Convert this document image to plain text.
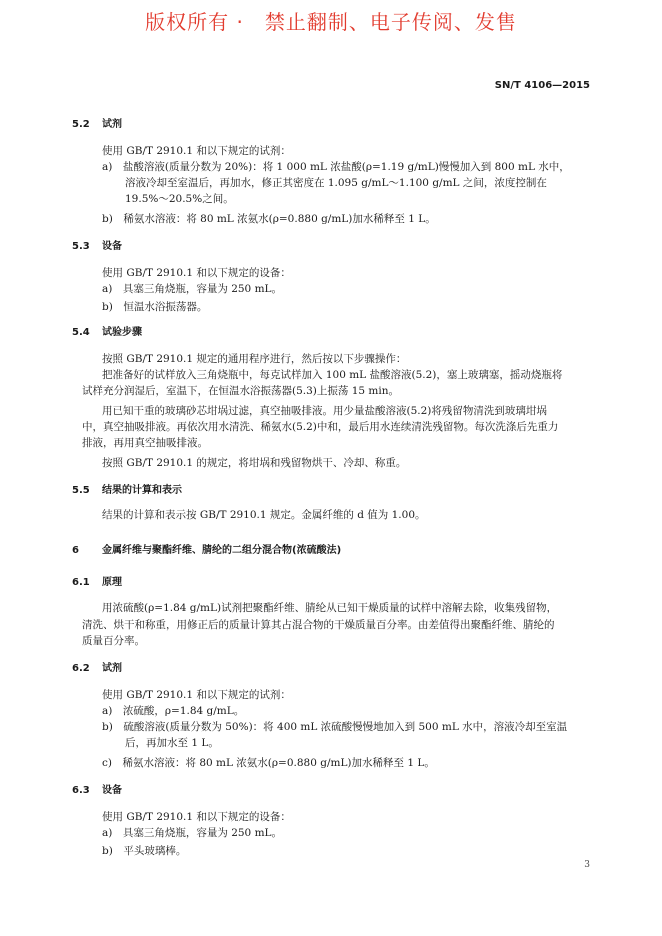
版权所有 ·　禁止翻制、电子传阅、发售
SN/T 4106—2015
5.2 试剂
使用 GB/T 2910.1 和以下规定的试剂：
a)　盐酸溶液(质量分数为 20%)：将 1 000 mL 浓盐酸(ρ=1.19 g/mL)慢慢加入到 800 mL 水中，
溶液冷却至室温后，再加水，修正其密度在 1.095 g/mL～1.100 g/mL 之间，浓度控制在
19.5%～20.5%之间。
b)　稀氨水溶液：将 80 mL 浓氨水(ρ=0.880 g/mL)加水稀释至 1 L。
5.3 设备
使用 GB/T 2910.1 和以下规定的设备：
a)　具塞三角烧瓶，容量为 250 mL。
b)　恒温水浴振荡器。
5.4 试验步骤
按照 GB/T 2910.1 规定的通用程序进行，然后按以下步骤操作：
把准备好的试样放入三角烧瓶中，每克试样加入 100 mL 盐酸溶液(5.2)，塞上玻璃塞，摇动烧瓶将
试样充分润湿后，室温下，在恒温水浴振荡器(5.3)上振荡 15 min。
用已知干重的玻璃砂芯坩埚过滤，真空抽吸排液。用少量盐酸溶液(5.2)将残留物清洗到玻璃坩埚
中，真空抽吸排液。再依次用水清洗、稀氨水(5.2)中和，最后用水连续清洗残留物。每次洗涤后先重力
排液，再用真空抽吸排液。
按照 GB/T 2910.1 的规定，将坩埚和残留物烘干、冷却、称重。
5.5 结果的计算和表示
结果的计算和表示按 GB/T 2910.1 规定。金属纤维的 d 值为 1.00。
6 金属纤维与聚酯纤维、腈纶的二组分混合物(浓硫酸法)
6.1 原理
用浓硫酸(ρ=1.84 g/mL)试剂把聚酯纤维、腈纶从已知干燥质量的试样中溶解去除，收集残留物，
清洗、烘干和称重，用修正后的质量计算其占混合物的干燥质量百分率。由差值得出聚酯纤维、腈纶的
质量百分率。
6.2 试剂
使用 GB/T 2910.1 和以下规定的试剂：
a)　浓硫酸，ρ=1.84 g/mL。
b)　硫酸溶液(质量分数为 50%)：将 400 mL 浓硫酸慢慢地加入到 500 mL 水中，溶液冷却至室温
后，再加水至 1 L。
c)　稀氨水溶液：将 80 mL 浓氨水(ρ=0.880 g/mL)加水稀释至 1 L。
6.3 设备
使用 GB/T 2910.1 和以下规定的设备：
a)　具塞三角烧瓶，容量为 250 mL。
b)　平头玻璃棒。
3
